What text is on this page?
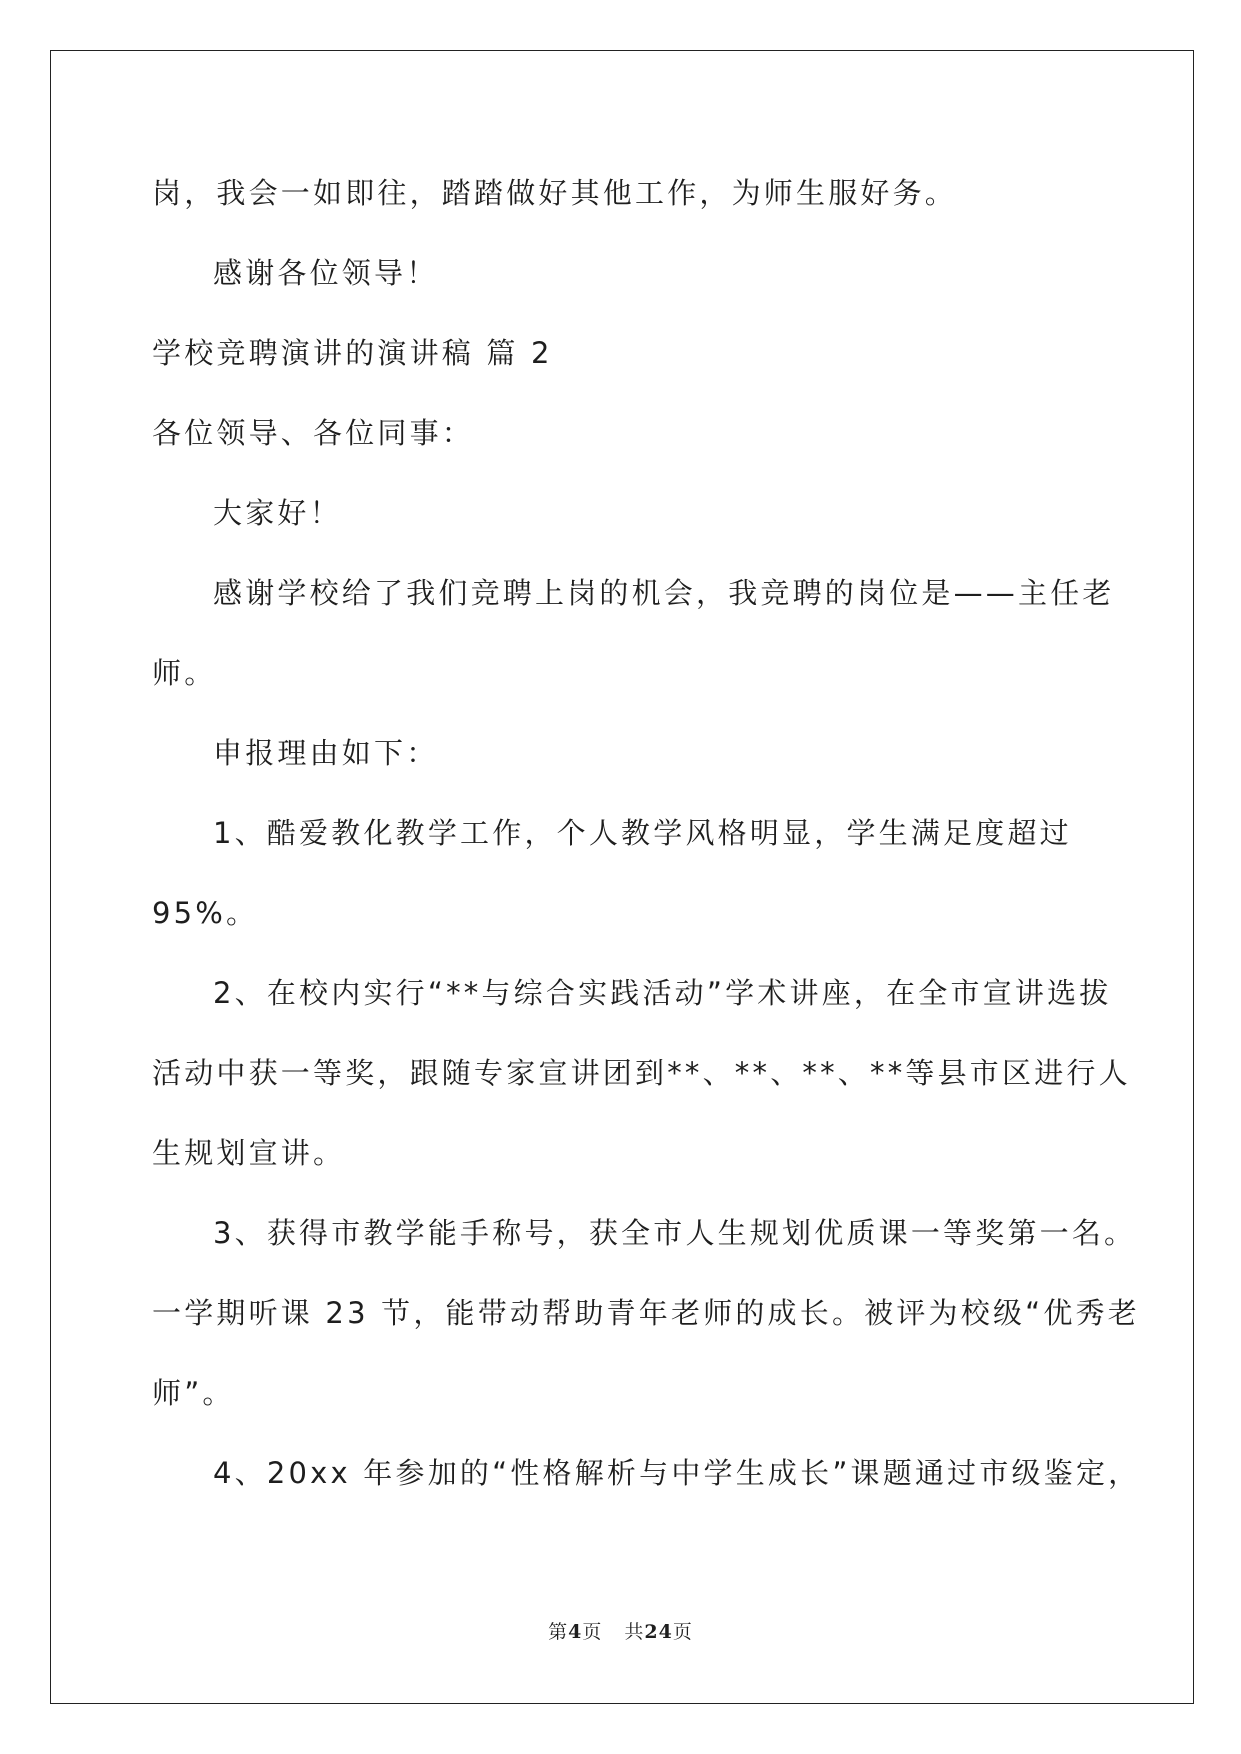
岗，我会一如即往，踏踏做好其他工作，为师生服好务。
感谢各位领导！
学校竞聘演讲的演讲稿 篇 2
各位领导、各位同事：
大家好！
感谢学校给了我们竞聘上岗的机会，我竞聘的岗位是——主任老
师。
申报理由如下：
1、酷爱教化教学工作，个人教学风格明显，学生满足度超过
95%。
2、在校内实行“**与综合实践活动”学术讲座，在全市宣讲选拔
活动中获一等奖，跟随专家宣讲团到**、**、**、**等县市区进行人
生规划宣讲。
3、获得市教学能手称号，获全市人生规划优质课一等奖第一名。
一学期听课 23 节，能带动帮助青年老师的成长。被评为校级“优秀老
师”。
4、20xx 年参加的“性格解析与中学生成长”课题通过市级鉴定，
第4页 共24页
